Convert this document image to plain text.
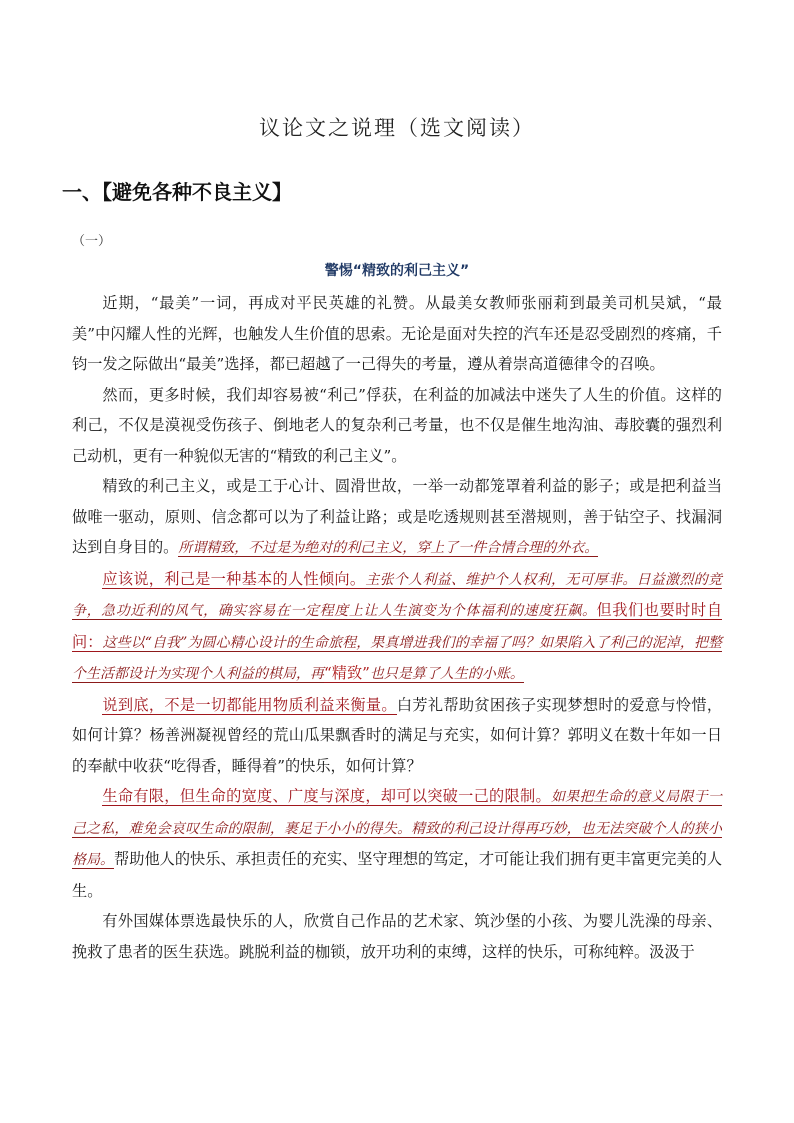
议论文之说理（选文阅读）
一、【避免各种不良主义】
（一）
警惕“精致的利己主义”

近期，“最美”一词，再成对平民英雄的礼赞。从最美女教师张丽莉到最美司机吴斌，“最美”中闪耀人性的光辉，也触发人生价值的思索。无论是面对失控的汽车还是忍受剧烈的疼痛，千钧一发之际做出“最美”选择，都已超越了一己得失的考量，遵从着崇高道德律令的召唤。

然而，更多时候，我们却容易被“利己”俘获，在利益的加减法中迷失了人生的价值。这样的利己，不仅是漠视受伤孩子、倒地老人的复杂利己考量，也不仅是催生地沟油、毒胶囊的强烈利己动机，更有一种貌似无害的“精致的利己主义”。

精致的利己主义，或是工于心计、圆滑世故，一举一动都笼罩着利益的影子；或是把利益当做唯一驱动，原则、信念都可以为了利益让路；或是吃透规则甚至潜规则，善于钻空子、找漏洞达到自身目的。所谓精致，不过是为绝对的利己主义，穿上了一件合情合理的外衣。

应该说，利己是一种基本的人性倾向。主张个人利益、维护个人权利，无可厚非。日益激烈的竞争，急功近利的风气，确实容易在一定程度上让人生演变为个体福利的速度狂飙。但我们也要时时自问：这些以“自我”为圆心精心设计的生命旅程，果真增进我们的幸福了吗？如果陷入了利己的泥淖，把整个生活都设计为实现个人利益的棋局，再“精致”也只是算了人生的小账。

说到底，不是一切都能用物质利益来衡量。白芳礼帮助贫困孩子实现梦想时的爱意与怜惜，如何计算？杨善洲凝视曾经的荒山瓜果飘香时的满足与充实，如何计算？郭明义在数十年如一日的奉献中收获“吃得香，睡得着”的快乐，如何计算？

生命有限，但生命的宽度、广度与深度，却可以突破一己的限制。如果把生命的意义局限于一己之私，难免会哀叹生命的限制，裹足于小小的得失。精致的利己设计得再巧妙，也无法突破个人的狭小格局。帮助他人的快乐、承担责任的充实、坚守理想的笃定，才可能让我们拥有更丰富更完美的人生。

有外国媒体票选最快乐的人，欣赏自己作品的艺术家、筑沙堡的小孩、为婴儿洗澡的母亲、挽救了患者的医生获选。跳脱利益的枷锁，放开功利的束缚，这样的快乐，可称纯粹。汲汲于
